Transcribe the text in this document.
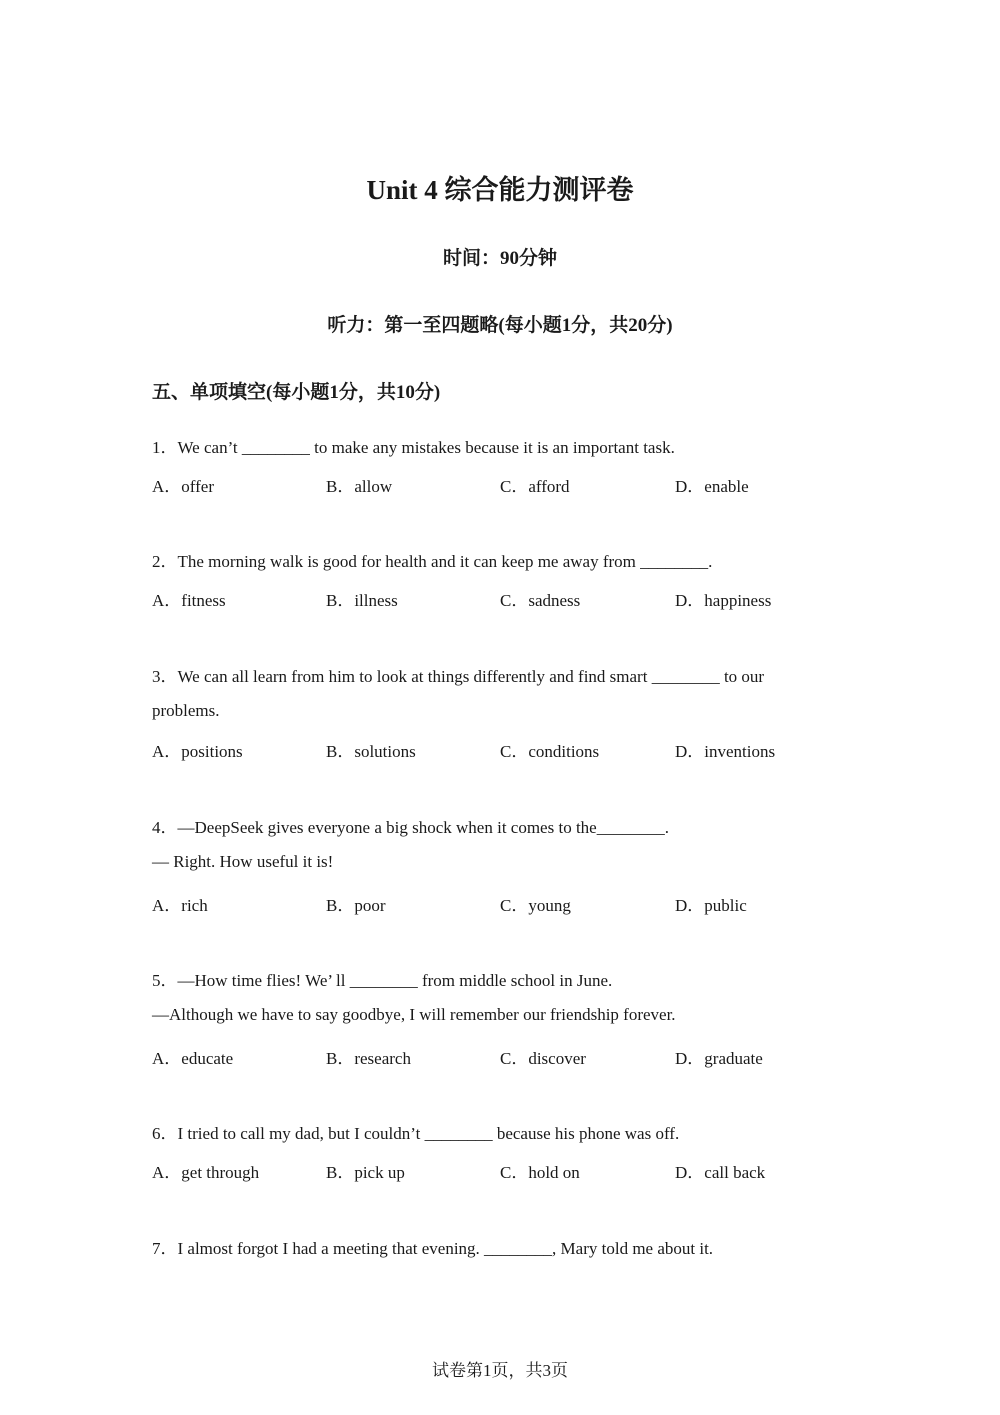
Unit 4 综合能力测评卷
时间：90分钟
听力：第一至四题略(每小题1分，共20分)
五、单项填空(每小题1分，共10分)
1．We can’t ________ to make any mistakes because it is an important task.
A．offer	B．allow	C．afford	D．enable
2．The morning walk is good for health and it can keep me away from ________.
A．fitness	B．illness	C．sadness	D．happiness
3．We can all learn from him to look at things differently and find smart ________ to our
problems.
A．positions	B．solutions	C．conditions	D．inventions
4．—DeepSeek gives everyone a big shock when it comes to the________.
— Right. How useful it is!
A．rich	B．poor	C．young	D．public
5．—How time flies! We’ ll ________ from middle school in June.
—Although we have to say goodbye, I will remember our friendship forever.
A．educate	B．research	C．discover	D．graduate
6．I tried to call my dad, but I couldn’t ________ because his phone was off.
A．get through	B．pick up	C．hold on	D．call back
7．I almost forgot I had a meeting that evening. ________, Mary told me about it.
试卷第1页，共3页
